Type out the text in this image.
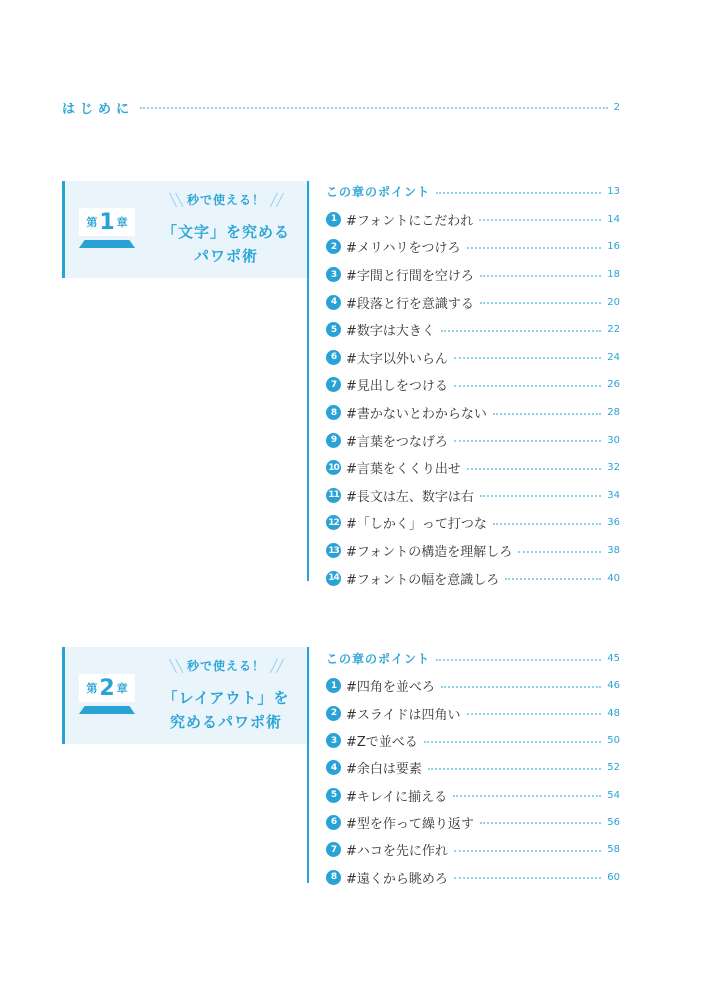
はじめに	2
第 1 章
╲╲ 秒で使える！ ╱╱
「文字」を究める
パワポ術
この章のポイント	13
1 #フォントにこだわれ	14
2 #メリハリをつけろ	16
3 #字間と行間を空けろ	18
4 #段落と行を意識する	20
5 #数字は大きく	22
6 #太字以外いらん	24
7 #見出しをつける	26
8 #書かないとわからない	28
9 #言葉をつなげろ	30
10 #言葉をくくり出せ	32
11 #長文は左、数字は右	34
12 #「しかく」って打つな	36
13 #フォントの構造を理解しろ	38
14 #フォントの幅を意識しろ	40
第 2 章
╲╲ 秒で使える！ ╱╱
「レイアウト」を
究めるパワポ術
この章のポイント	45
1 #四角を並べろ	46
2 #スライドは四角い	48
3 #Zで並べる	50
4 #余白は要素	52
5 #キレイに揃える	54
6 #型を作って繰り返す	56
7 #ハコを先に作れ	58
8 #遠くから眺めろ	60
